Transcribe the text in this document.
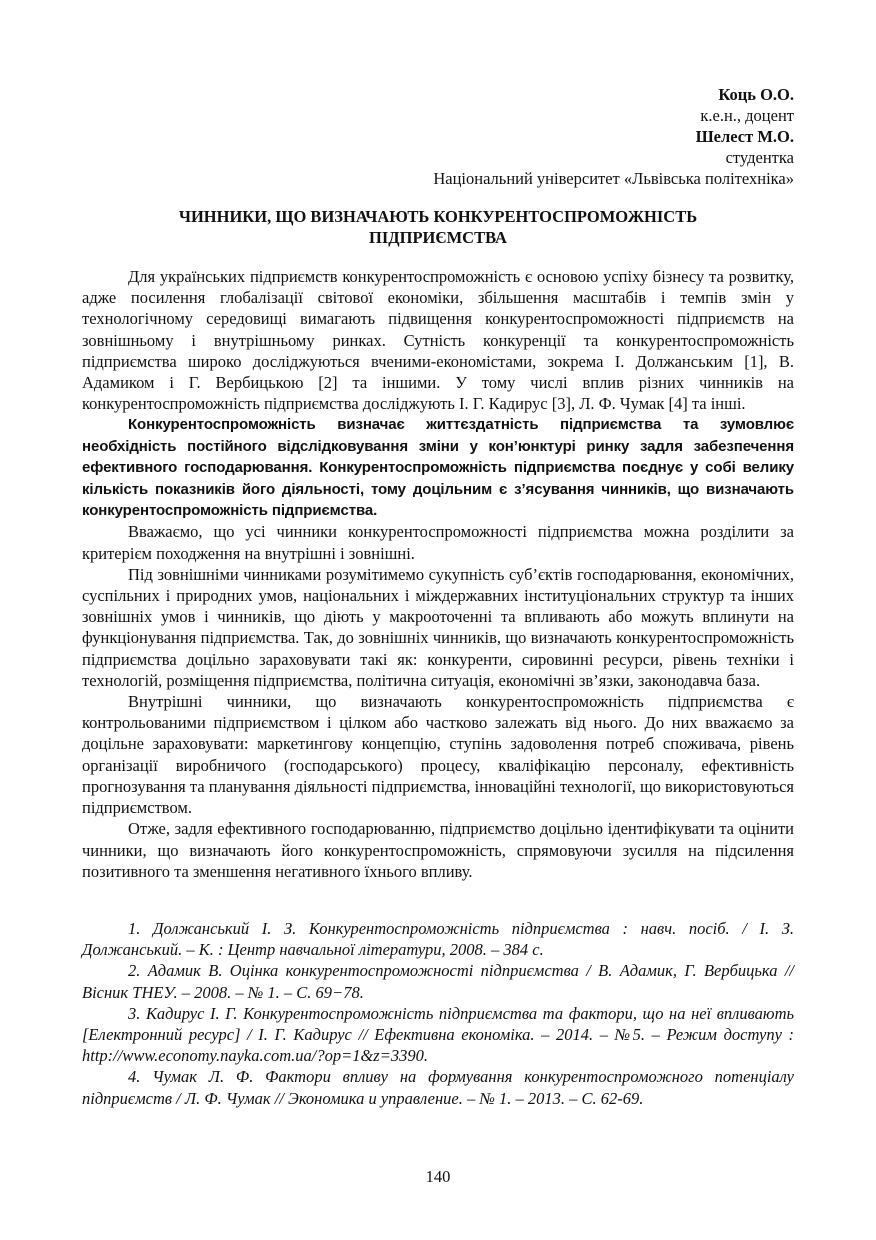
Коць О.О.
к.е.н., доцент
Шелест М.О.
студентка
Національний університет «Львівська політехніка»
ЧИННИКИ, ЩО ВИЗНАЧАЮТЬ КОНКУРЕНТОСПРОМОЖНІСТЬ
ПІДПРИЄМСТВА

Для українських підприємств конкурентоспроможність є основою успіху бізнесу та розвитку, адже посилення глобалізації світової економіки, збільшення масштабів і темпів змін у технологічному середовищі вимагають підвищення конкурентоспроможності підприємств на зовнішньому і внутрішньому ринках. Сутність конкуренції та конкурентоспроможність підприємства широко досліджуються вченими-економістами, зокрема І. Должанським [1], В. Адамиком і Г. Вербицькою [2] та іншими. У тому числі вплив різних чинників на конкурентоспроможність підприємства досліджують І. Г. Кадирус [3], Л. Ф. Чумак [4] та інші.

Конкурентоспроможність визначає життєздатність підприємства та зумовлює необхідність постійного відслідковування зміни у кон’юнктурі ринку задля забезпечення ефективного господарювання. Конкурентоспроможність підприємства поєднує у собі велику кількість показників його діяльності, тому доцільним є з’ясування чинників, що визначають конкурентоспроможність підприємства.

Вважаємо, що усі чинники конкурентоспроможності підприємства можна розділити за критерієм походження на внутрішні і зовнішні.

Під зовнішніми чинниками розумітимемо сукупність суб’єктів господарювання, економічних, суспільних і природних умов, національних і міждержавних інституціональних структур та інших зовнішніх умов і чинників, що діють у макрооточенні та впливають або можуть вплинути на функціонування підприємства. Так, до зовнішніх чинників, що визначають конкурентоспроможність підприємства доцільно зараховувати такі як: конкуренти, сировинні ресурси, рівень техніки і технологій, розміщення підприємства, політична ситуація, економічні зв’язки, законодавча база.

Внутрішні чинники, що визначають конкурентоспроможність підприємства є контрольованими підприємством і цілком або частково залежать від нього. До них вважаємо за доцільне зараховувати: маркетингову концепцію, ступінь задоволення потреб споживача, рівень організації виробничого (господарського) процесу, кваліфікацію персоналу, ефективність прогнозування та планування діяльності підприємства, інноваційні технології, що використовуються підприємством.

Отже, задля ефективного господарюванню, підприємство доцільно ідентифікувати та оцінити чинники, що визначають його конкурентоспроможність, спрямовуючи зусилля на підсилення позитивного та зменшення негативного їхнього впливу.

1. Должанський І. З. Конкурентоспроможність підприємства : навч. посіб. / І. З. Должанський. – К. : Центр навчальної літератури, 2008. – 384 с.

2. Адамик В. Оцінка конкурентоспроможності підприємства / В. Адамик, Г. Вербицька // Вісник ТНЕУ. – 2008. – № 1. – С. 69−78.

3. Кадирус І. Г. Конкурентоспроможність підприємства та фактори, що на неї впливають [Електронний ресурс] / І. Г. Кадирус // Ефективна економіка. – 2014. – №5. – Режим доступу : http://www.economy.nayka.com.ua/?op=1&z=3390.

4. Чумак Л. Ф. Фактори впливу на формування конкурентоспроможного потенціалу підприємств / Л. Ф. Чумак // Экономика и управление. – № 1. – 2013. – С. 62-69.

140
